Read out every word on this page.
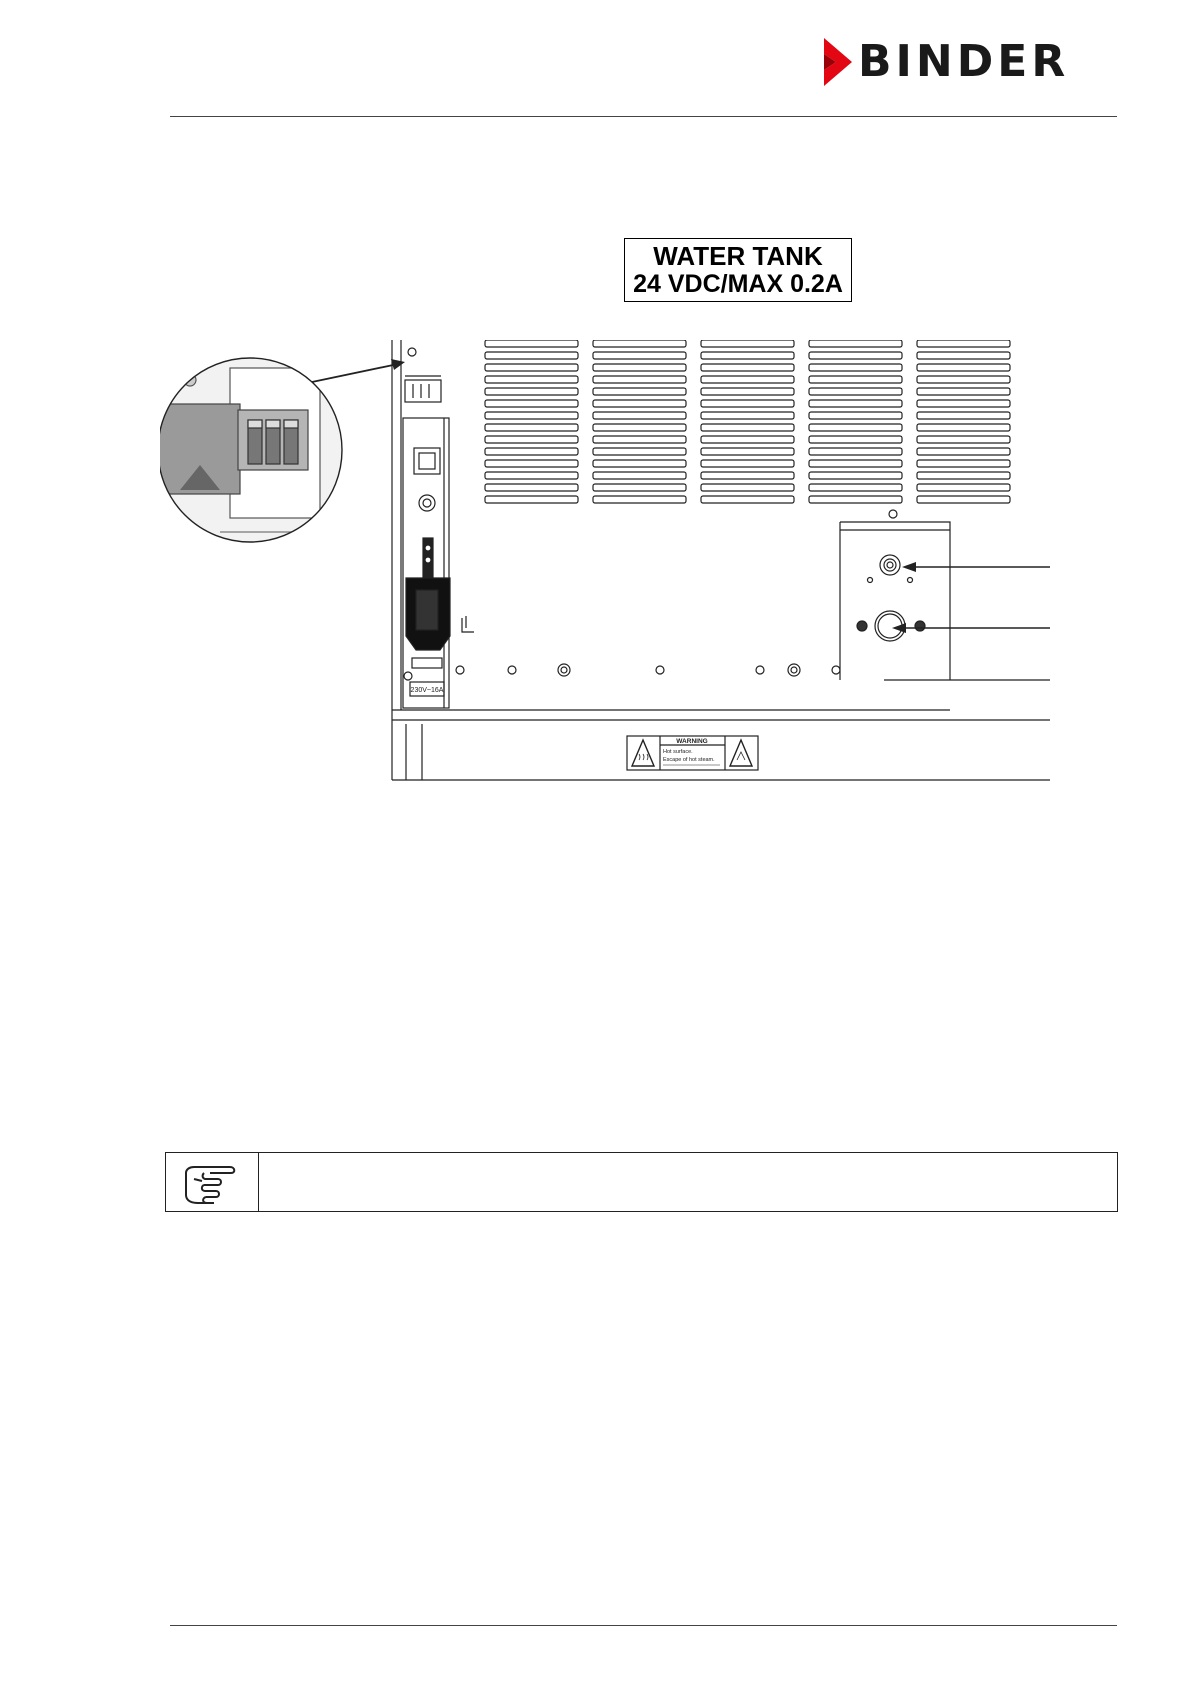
BINDER
WATER TANK
24 VDC/MAX 0.2A
230V~16A
WARNING
Hot surface.
Escape of hot steam.
